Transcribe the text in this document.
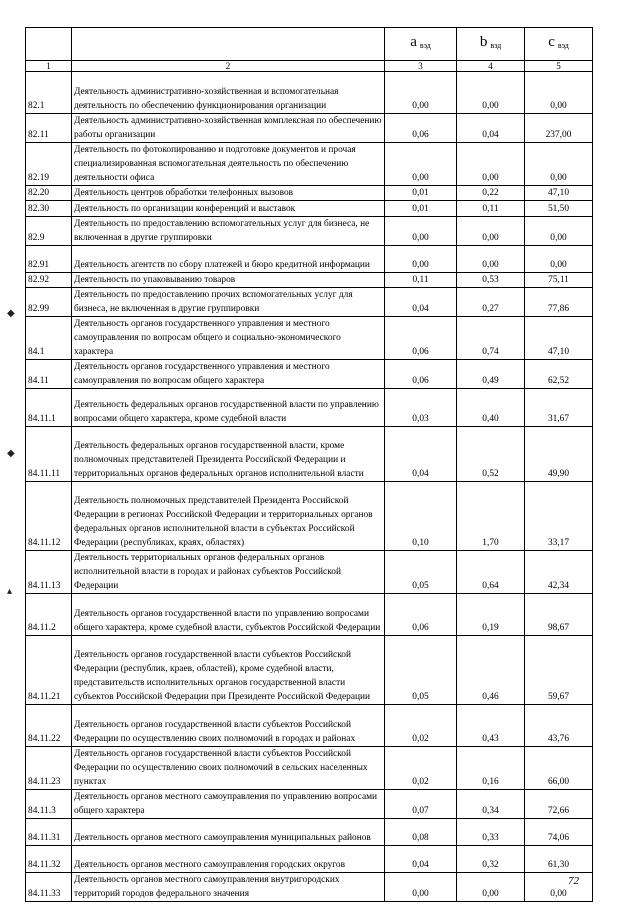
		a $_{вэд}$	b $_{вэд}$	c $_{вэд}$
1	2	3	4	5
82.1	Деятельность административно-хозяйственная и вспомогательная деятельность по обеспечению функционирования организации	0,00	0,00	0,00
82.11	Деятельность административно-хозяйственная комплексная по обеспечению работы организации	0,06	0,04	237,00
82.19	Деятельность по фотокопированию и подготовке документов и прочая специализированная вспомогательная деятельность по обеспечению деятельности офиса	0,00	0,00	0,00
82.20	Деятельность центров обработки телефонных вызовов	0,01	0,22	47,10
82.30	Деятельность по организации конференций и выставок	0,01	0,11	51,50
82.9	Деятельность по предоставлению вспомогательных услуг для бизнеса, не включенная в другие группировки	0,00	0,00	0,00
82.91	Деятельность агентств по сбору платежей и бюро кредитной информации	0,00	0,00	0,00
82.92	Деятельность по упаковыванию товаров	0,11	0,53	75,11
82.99	Деятельность по предоставлению прочих вспомогательных услуг для бизнеса, не включенная в другие группировки	0,04	0,27	77,86
84.1	Деятельность органов государственного управления и местного самоуправления по вопросам общего и социально-экономического характера	0,06	0,74	47,10
84.11	Деятельность органов государственного управления и местного самоуправления по вопросам общего характера	0,06	0,49	62,52
84.11.1	Деятельность федеральных органов государственной власти по управлению вопросами общего характера, кроме судебной власти	0,03	0,40	31,67
84.11.11	Деятельность федеральных органов государственной власти, кроме полномочных представителей Президента Российской Федерации и территориальных органов федеральных органов исполнительной власти	0,04	0,52	49,90
84.11.12	Деятельность полномочных представителей Президента Российской Федерации в регионах Российской Федерации и территориальных органов федеральных органов исполнительной власти в субъектах Российской Федерации (республиках, краях, областях)	0,10	1,70	33,17
84.11.13	Деятельность территориальных органов федеральных органов исполнительной власти в городах и районах субъектов Российской Федерации	0,05	0,64	42,34
84.11.2	Деятельность органов государственной власти по управлению вопросами общего характера, кроме судебной власти, субъектов Российской Федерации	0,06	0,19	98,67
84.11.21	Деятельность органов государственной власти субъектов Российской Федерации (республик, краев, областей), кроме судебной власти, представительств исполнительных органов государственной власти субъектов Российской Федерации при Президенте Российской Федерации	0,05	0,46	59,67
84.11.22	Деятельность органов государственной власти субъектов Российской Федерации по осуществлению своих полномочий в городах и районах	0,02	0,43	43,76
84.11.23	Деятельность органов государственной власти субъектов Российской Федерации по осуществлению своих полномочий в сельских населенных пунктах	0,02	0,16	66,00
84.11.3	Деятельность органов местного самоуправления по управлению вопросами общего характера	0,07	0,34	72,66
84.11.31	Деятельность органов местного самоуправления муниципальных районов	0,08	0,33	74,06
84.11.32	Деятельность органов местного самоуправления городских округов	0,04	0,32	61,30
84.11.33	Деятельность органов местного самоуправления внутригородских территорий городов федерального значения	0,00	0,00	0,00
◆
◆
▴
72
